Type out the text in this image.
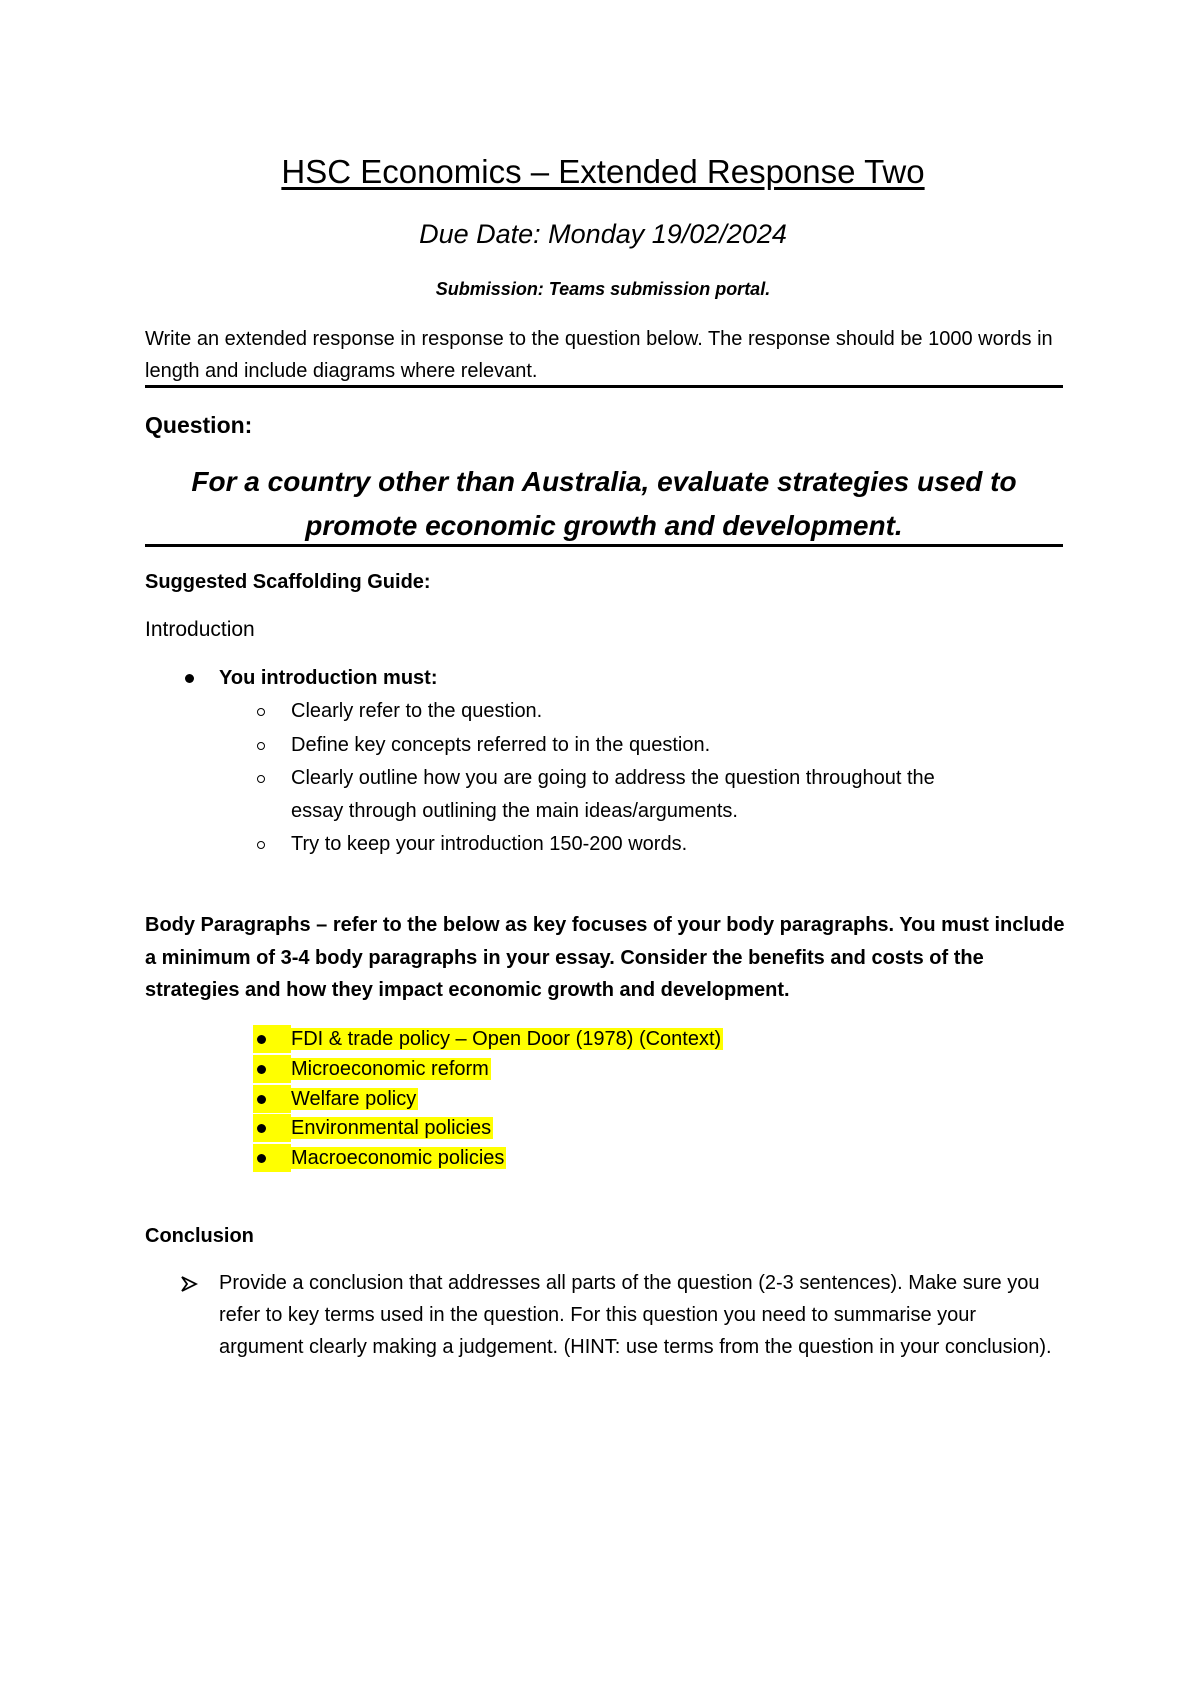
HSC Economics – Extended Response Two
Due Date: Monday 19/02/2024
Submission: Teams submission portal.
Write an extended response in response to the question below. The response should be 1000 words in length and include diagrams where relevant.
Question:
For a country other than Australia, evaluate strategies used to promote economic growth and development.
Suggested Scaffolding Guide:
Introduction
You introduction must:
Clearly refer to the question.
Define key concepts referred to in the question.
Clearly outline how you are going to address the question throughout the
essay through outlining the main ideas/arguments.
Try to keep your introduction 150-200 words.
Body Paragraphs – refer to the below as key focuses of your body paragraphs. You must include a minimum of 3-4 body paragraphs in your essay. Consider the benefits and costs of the strategies and how they impact economic growth and development.
FDI & trade policy – Open Door (1978) (Context)
Microeconomic reform
Welfare policy
Environmental policies
Macroeconomic policies
Conclusion
Provide a conclusion that addresses all parts of the question (2-3 sentences). Make sure you refer to key terms used in the question. For this question you need to summarise your argument clearly making a judgement. (HINT: use terms from the question in your conclusion).
